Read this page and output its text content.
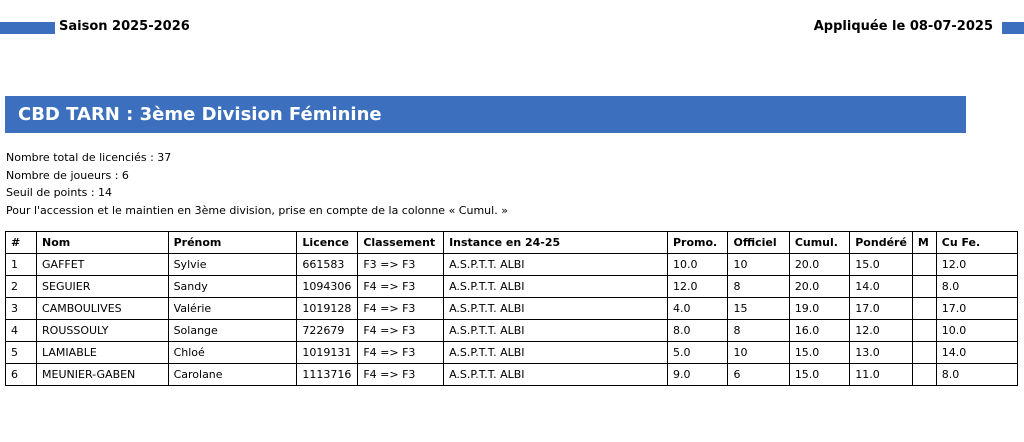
Saison 2025-2026	Appliquée le 08-07-2025
CBD TARN : 3ème Division Féminine
Nombre total de licenciés : 37
Nombre de joueurs : 6
Seuil de points : 14
Pour l'accession et le maintien en 3ème division, prise en compte de la colonne « Cumul. »
#	Nom	Prénom	Licence	Classement	Instance en 24-25	Promo.	Officiel	Cumul.	Pondéré	M	Cu Fe.
1	GAFFET	Sylvie	661583	F3 => F3	A.S.P.T.T. ALBI	10.0	10	20.0	15.0		12.0
2	SEGUIER	Sandy	1094306	F4 => F3	A.S.P.T.T. ALBI	12.0	8	20.0	14.0		8.0
3	CAMBOULIVES	Valérie	1019128	F4 => F3	A.S.P.T.T. ALBI	4.0	15	19.0	17.0		17.0
4	ROUSSOULY	Solange	722679	F4 => F3	A.S.P.T.T. ALBI	8.0	8	16.0	12.0		10.0
5	LAMIABLE	Chloé	1019131	F4 => F3	A.S.P.T.T. ALBI	5.0	10	15.0	13.0		14.0
6	MEUNIER-GABEN	Carolane	1113716	F4 => F3	A.S.P.T.T. ALBI	9.0	6	15.0	11.0		8.0
